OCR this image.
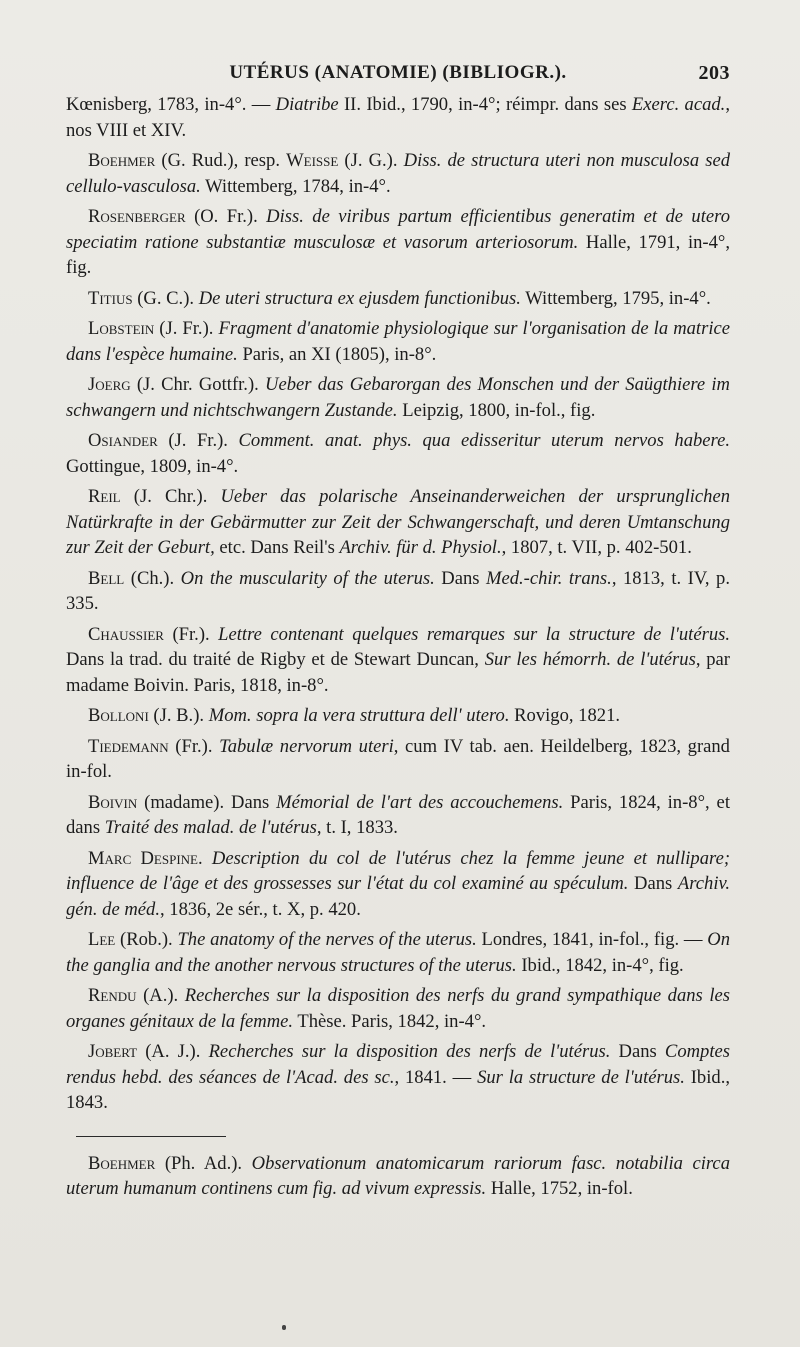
UTÉRUS (ANATOMIE) (BIBLIOGR.).	203

Kœnisberg, 1783, in-4°. — Diatribe II. Ibid., 1790, in-4°; réimpr. dans ses Exerc. acad., nos VIII et XIV.

Boehmer (G. Rud.), resp. Weisse (J. G.). Diss. de structura uteri non musculosa sed cellulo-vasculosa. Wittemberg, 1784, in-4°.

Rosenberger (O. Fr.). Diss. de viribus partum efficientibus generatim et de utero speciatim ratione substantiæ musculosæ et vasorum arteriosorum. Halle, 1791, in-4°, fig.

Titius (G. C.). De uteri structura ex ejusdem functionibus. Wittemberg, 1795, in-4°.

Lobstein (J. Fr.). Fragment d'anatomie physiologique sur l'organisation de la matrice dans l'espèce humaine. Paris, an XI (1805), in-8°.

Joerg (J. Chr. Gottfr.). Ueber das Gebarorgan des Monschen und der Saügthiere im schwangern und nichtschwangern Zustande. Leipzig, 1800, in-fol., fig.

Osiander (J. Fr.). Comment. anat. phys. qua edisseritur uterum nervos habere. Gottingue, 1809, in-4°.

Reil (J. Chr.). Ueber das polarische Anseinanderweichen der ursprunglichen Natürkrafte in der Gebärmutter zur Zeit der Schwangerschaft, und deren Umtanschung zur Zeit der Geburt, etc. Dans Reil's Archiv. für d. Physiol., 1807, t. VII, p. 402-501.

Bell (Ch.). On the muscularity of the uterus. Dans Med.-chir. trans., 1813, t. IV, p. 335.

Chaussier (Fr.). Lettre contenant quelques remarques sur la structure de l'utérus. Dans la trad. du traité de Rigby et de Stewart Duncan, Sur les hémorrh. de l'utérus, par madame Boivin. Paris, 1818, in-8°.

Bolloni (J. B.). Mom. sopra la vera struttura dell' utero. Rovigo, 1821.

Tiedemann (Fr.). Tabulæ nervorum uteri, cum IV tab. aen. Heildelberg, 1823, grand in-fol.

Boivin (madame). Dans Mémorial de l'art des accouchemens. Paris, 1824, in-8°, et dans Traité des malad. de l'utérus, t. I, 1833.

Marc Despine. Description du col de l'utérus chez la femme jeune et nullipare; influence de l'âge et des grossesses sur l'état du col examiné au spéculum. Dans Archiv. gén. de méd., 1836, 2e sér., t. X, p. 420.

Lee (Rob.). The anatomy of the nerves of the uterus. Londres, 1841, in-fol., fig. — On the ganglia and the another nervous structures of the uterus. Ibid., 1842, in-4°, fig.

Rendu (A.). Recherches sur la disposition des nerfs du grand sympathique dans les organes génitaux de la femme. Thèse. Paris, 1842, in-4°.

Jobert (A. J.). Recherches sur la disposition des nerfs de l'utérus. Dans Comptes rendus hebd. des séances de l'Acad. des sc., 1841. — Sur la structure de l'utérus. Ibid., 1843.

Boehmer (Ph. Ad.). Observationum anatomicarum rariorum fasc. notabilia circa uterum humanum continens cum fig. ad vivum expressis. Halle, 1752, in-fol.
